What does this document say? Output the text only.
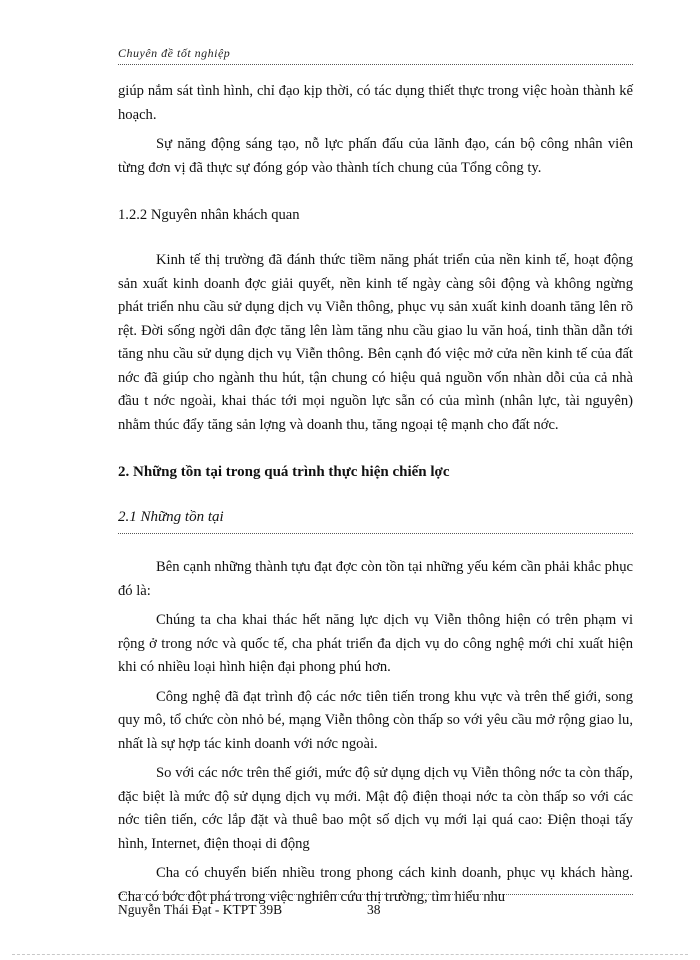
Chuyên đề tốt nghiệp

giúp nắm sát tình hình, chỉ đạo kịp thời, có tác dụng thiết thực trong việc hoàn thành kế hoạch.

Sự năng động sáng tạo, nỗ lực phấn đấu của lãnh đạo, cán bộ công nhân viên từng đơn vị đã thực sự đóng góp vào thành tích chung của Tổng công ty.

1.2.2 Nguyên nhân khách quan

Kinh tế thị trường đã đánh thức tiềm năng phát triển của nền kinh tế, hoạt động sản xuất kinh doanh đợc giải quyết, nền kinh tế ngày càng sôi động và không ngừng phát triển nhu cầu sử dụng dịch vụ Viễn thông, phục vụ sản xuất kinh doanh tăng lên rõ rệt. Đời sống ngời dân đợc tăng lên làm tăng nhu cầu giao lu văn hoá, tinh thần dẫn tới tăng nhu cầu sử dụng dịch vụ Viễn thông. Bên cạnh đó việc mở cửa nền kinh tế của đất nớc đã giúp cho ngành thu hút, tận chung có hiệu quả nguồn vốn nhàn dỗi của cả nhà đầu t nớc ngoài, khai thác tới mọi nguồn lực sẵn có của mình (nhân lực, tài nguyên) nhằm thúc đẩy tăng sản lợng và doanh thu, tăng ngoại tệ mạnh cho đất nớc.

2. Những tồn tại trong quá trình thực hiện chiến lợc
2.1 Những tồn tại

Bên cạnh những thành tựu đạt đợc còn tồn tại những yếu kém cần phải khắc phục đó là:

Chúng ta cha khai thác hết năng lực dịch vụ Viễn thông hiện có trên phạm vi rộng ở trong nớc và quốc tế, cha phát triển đa dịch vụ do công nghệ mới chỉ xuất hiện khi có nhiều loại hình hiện đại phong phú hơn.

Công nghệ đã đạt trình độ các nớc tiên tiến trong khu vực và trên thế giới, song quy mô, tổ chức còn nhỏ bé, mạng Viễn thông còn thấp so với yêu cầu mở rộng giao lu, nhất là sự hợp tác kinh doanh với nớc ngoài.

So với các nớc trên thế giới, mức độ sử dụng dịch vụ Viễn thông nớc ta còn thấp, đặc biệt là mức độ sử dụng dịch vụ mới. Mật độ điện thoại nớc ta còn thấp so với các nớc tiên tiến, cớc lắp đặt và thuê bao một số dịch vụ mới lại quá cao: Điện thoại tấy hình, Internet, điện thoại di động

Cha có chuyển biến nhiều trong phong cách kinh doanh, phục vụ khách hàng. Cha có bớc đột phá trong việc nghiên cứu thị trường, tìm hiểu nhu

Nguyễn Thái Đạt - KTPT 39B	38
